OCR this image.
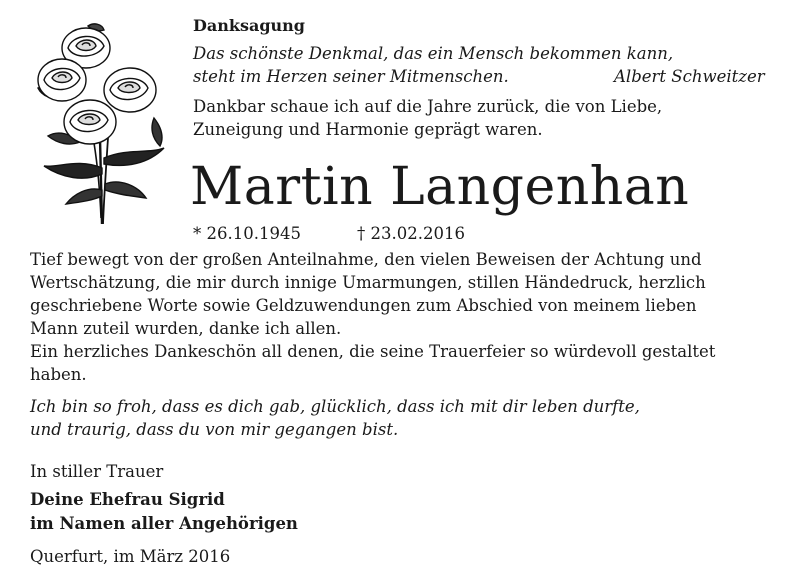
Danksagung
Das schönste Denkmal, das ein Mensch bekommen kann,
steht im Herzen seiner Mitmenschen.	Albert Schweitzer
Dankbar schaue ich auf die Jahre zurück, die von Liebe,
Zuneigung und Harmonie geprägt waren.
Martin Langenhan
* 26.10.1945	† 23.02.2016
Tief bewegt von der großen Anteilnahme, den vielen Beweisen der Achtung und
Wertschätzung, die mir durch innige Umarmungen, stillen Händedruck, herzlich
geschriebene Worte sowie Geldzuwendungen zum Abschied von meinem lieben
Mann zuteil wurden, danke ich allen.
Ein herzliches Dankeschön all denen, die seine Trauerfeier so würdevoll gestaltet
haben.
Ich bin so froh, dass es dich gab, glücklich, dass ich mit dir leben durfte,
und traurig, dass du von mir gegangen bist.
In stiller Trauer
Deine Ehefrau Sigrid
im Namen aller Angehörigen
Querfurt, im März 2016
